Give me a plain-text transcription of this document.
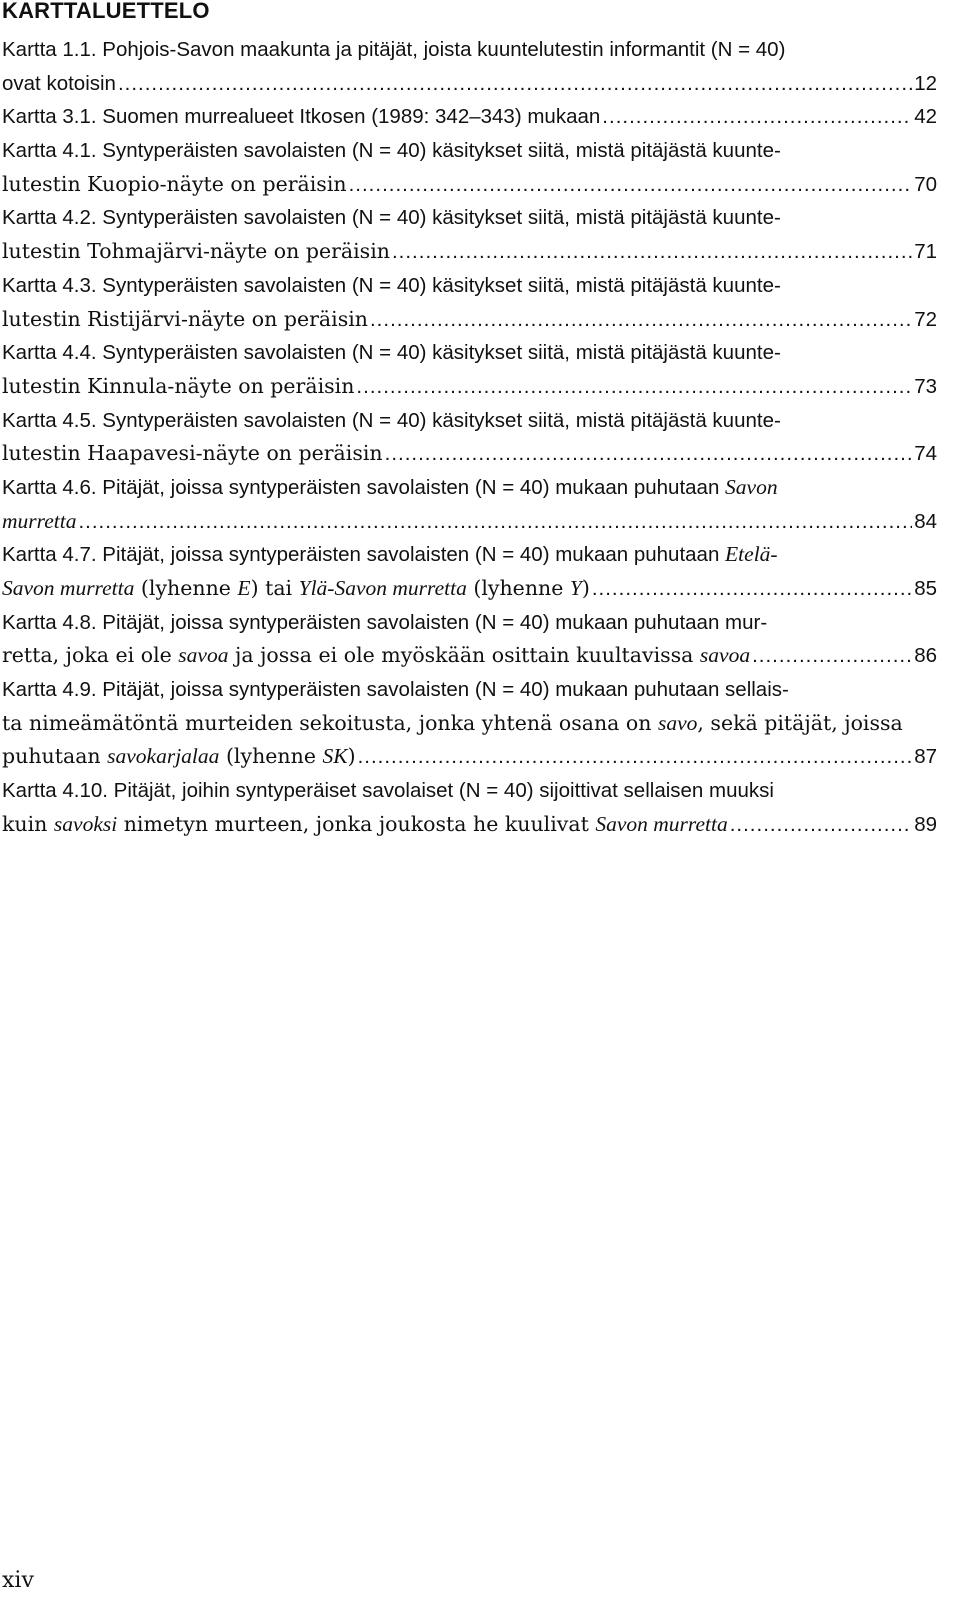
KARTTALUETTELO
Kartta 1.1. Pohjois-Savon maakunta ja pitäjät, joista kuuntelutestin informantit (N = 40)
ovat kotoisin .....	12
Kartta 3.1. Suomen murrealueet Itkosen (1989: 342–343) mukaan .....	42
Kartta 4.1. Syntyperäisten savolaisten (N = 40) käsitykset siitä, mistä pitäjästä kuunte-
lutestin Kuopio-näyte on peräisin .....	70
Kartta 4.2. Syntyperäisten savolaisten (N = 40) käsitykset siitä, mistä pitäjästä kuunte-
lutestin Tohmajärvi-näyte on peräisin .....	71
Kartta 4.3. Syntyperäisten savolaisten (N = 40) käsitykset siitä, mistä pitäjästä kuunte-
lutestin Ristijärvi-näyte on peräisin .....	72
Kartta 4.4. Syntyperäisten savolaisten (N = 40) käsitykset siitä, mistä pitäjästä kuunte-
lutestin Kinnula-näyte on peräisin .....	73
Kartta 4.5. Syntyperäisten savolaisten (N = 40) käsitykset siitä, mistä pitäjästä kuunte-
lutestin Haapavesi-näyte on peräisin .....	74
Kartta 4.6. Pitäjät, joissa syntyperäisten savolaisten (N = 40) mukaan puhutaan Savon
murretta .....	84
Kartta 4.7. Pitäjät, joissa syntyperäisten savolaisten (N = 40) mukaan puhutaan Etelä-
Savon murretta (lyhenne E) tai Ylä-Savon murretta (lyhenne Y) .....	85
Kartta 4.8. Pitäjät, joissa syntyperäisten savolaisten (N = 40) mukaan puhutaan mur-
retta, joka ei ole savoa ja jossa ei ole myöskään osittain kuultavissa savoa .....	86
Kartta 4.9. Pitäjät, joissa syntyperäisten savolaisten (N = 40) mukaan puhutaan sellais-
ta nimeämätöntä murteiden sekoitusta, jonka yhtenä osana on savo, sekä pitäjät, joissa
puhutaan savokarjalaa (lyhenne SK) .....	87
Kartta 4.10. Pitäjät, joihin syntyperäiset savolaiset (N = 40) sijoittivat sellaisen muuksi
kuin savoksi nimetyn murteen, jonka joukosta he kuulivat Savon murretta .....	89
xiv
